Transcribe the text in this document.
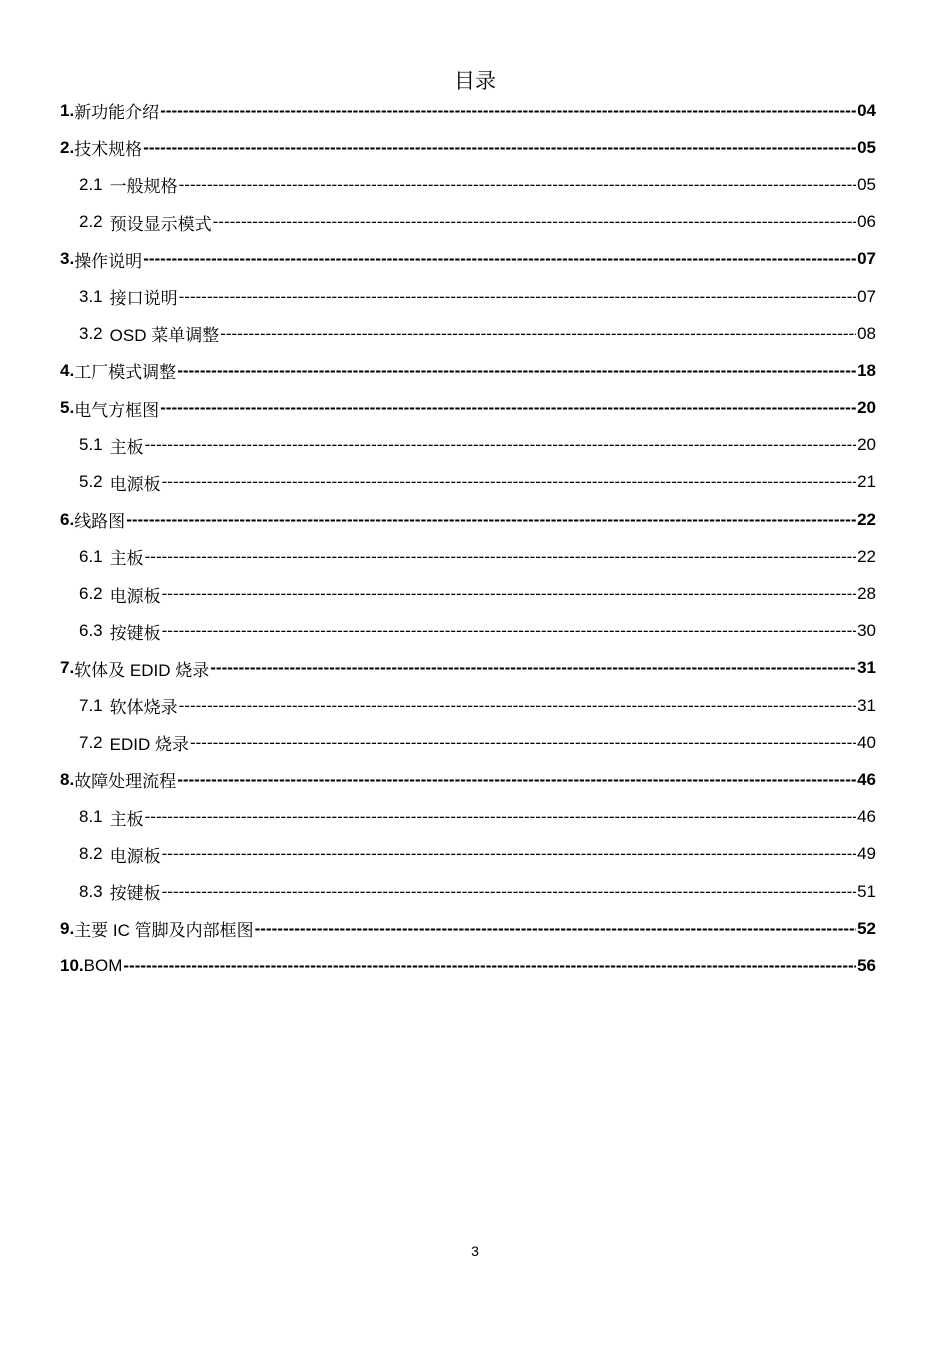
目录
1. 新功能介绍 -----	04
2. 技术规格 -----	05
2.1 一般规格 -----	05
2.2 预设显示模式 -----	06
3. 操作说明 -----	07
3.1 接口说明 -----	07
3.2 OSD 菜单调整 -----	08
4. 工厂模式调整 -----	18
5. 电气方框图 -----	20
5.1 主板 -----	20
5.2 电源板 -----	21
6. 线路图 -----	22
6.1 主板 -----	22
6.2 电源板 -----	28
6.3 按键板 -----	30
7. 软体及 EDID 烧录 -----	31
7.1 软体烧录 -----	31
7.2 EDID 烧录 -----	40
8. 故障处理流程 -----	46
8.1 主板 -----	46
8.2 电源板 -----	49
8.3 按键板 -----	51
9. 主要 IC 管脚及内部框图 -----	52
10. BOM -----	56
3
